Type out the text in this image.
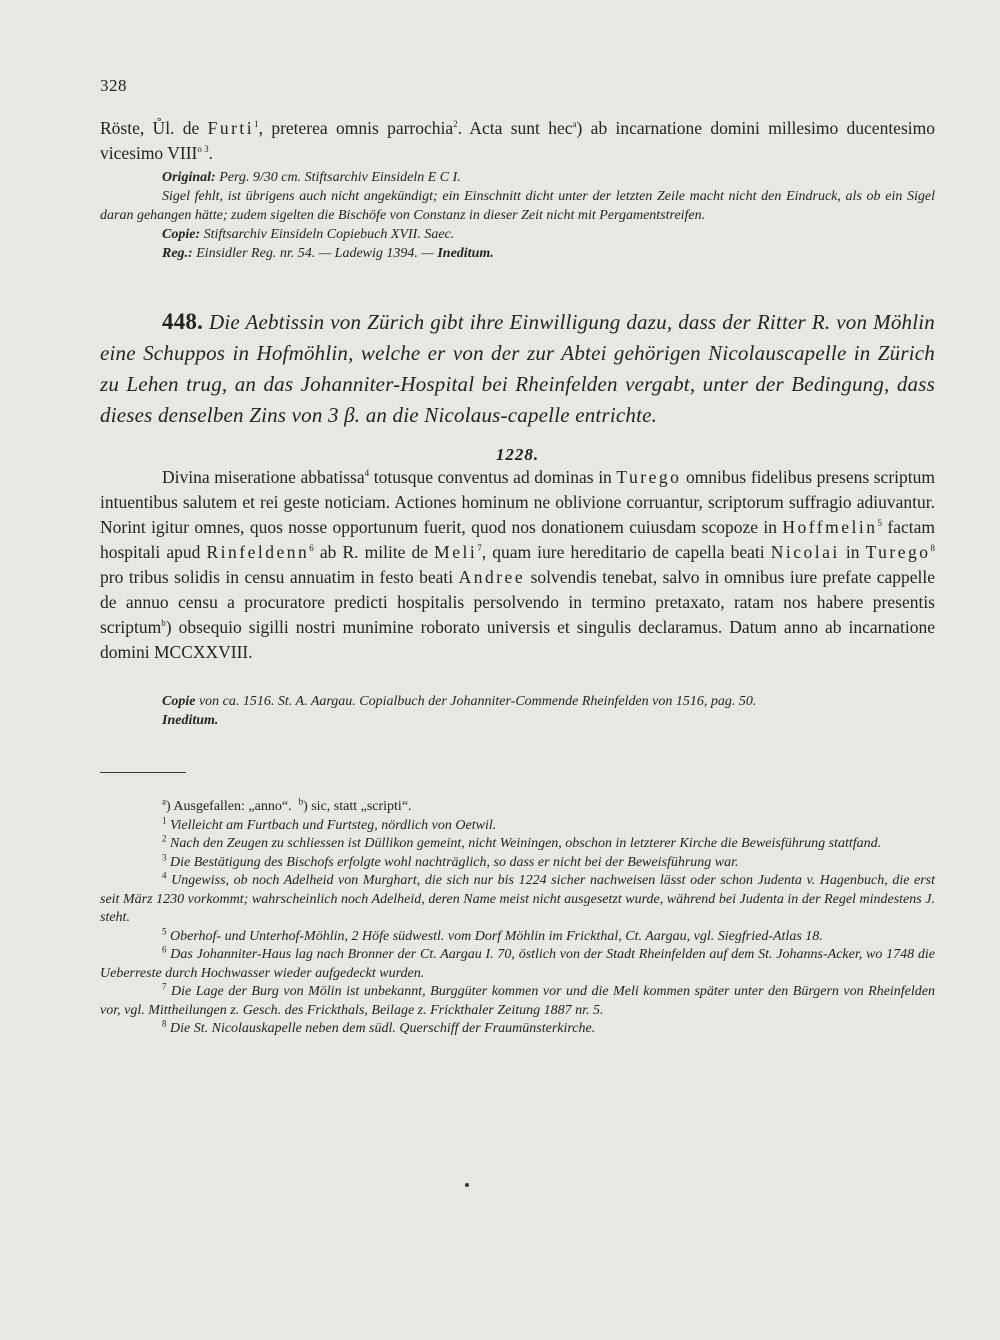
328

Röste, Ůl. de Furti$^1$, preterea omnis parrochia$^2$. Acta sunt hec$^a$) ab incarnatione domini millesimo ducentesimo vicesimo $VIII^{o 3}$.

Original: Perg. 9/30 cm. Stiftsarchiv Einsideln E C I.

Sigel fehlt, ist übrigens auch nicht angekündigt; ein Einschnitt dicht unter der letzten Zeile macht nicht den Eindruck, als ob ein Sigel daran gehangen hätte; zudem sigelten die Bischöfe von Constanz in dieser Zeit nicht mit Pergamentstreifen.

Copie: Stiftsarchiv Einsideln Copiebuch XVII. Saec.

Reg.: Einsidler Reg. nr. 54. — Ladewig 1394. — Ineditum.

448. Die Aebtissin von Zürich gibt ihre Einwilligung dazu, dass der Ritter R. von Möhlin eine Schuppos in Hofmöhlin, welche er von der zur Abtei gehörigen Nicolauscapelle in Zürich zu Lehen trug, an das Johanniter-Hospital bei Rheinfelden vergabt, unter der Bedingung, dass dieses denselben Zins von 3 β. an die Nicolaus-capelle entrichte.

1228.

Divina miseratione abbatissa$^4$ totusque conventus ad dominas in Turego omnibus fidelibus presens scriptum intuentibus salutem et rei geste noticiam. Actiones hominum ne oblivione corruantur, scriptorum suffragio adiuvantur. Norint igitur omnes, quos nosse opportunum fuerit, quod nos donationem cuiusdam scopoze in Hoffmelin$^5$ factam hospitali apud Rinfeldenn$^6$ ab R. milite de Meli$^7$, quam iure hereditario de capella beati Nicolai in Turego$^8$ pro tribus solidis in censu annuatim in festo beati Andree solvendis tenebat, salvo in omnibus iure prefate cappelle de annuo censu a procuratore predicti hospitalis persolvendo in termino pretaxato, ratam nos habere presentis scriptum$^b$) obsequio sigilli nostri munimine roborato universis et singulis declaramus. Datum anno ab incarnatione domini MCCXXVIII.

Copie von ca. 1516. St. A. Aargau. Copialbuch der Johanniter-Commende Rheinfelden von 1516, pag. 50.

Ineditum.

$^a$) Ausgefallen: „anno“. $^b$) sic, statt „scripti“.

$^1$ Vielleicht am Furtbach und Furtsteg, nördlich von Oetwil.

$^2$ Nach den Zeugen zu schliessen ist Düllikon gemeint, nicht Weiningen, obschon in letzterer Kirche die Beweisführung stattfand.

$^3$ Die Bestätigung des Bischofs erfolgte wohl nachträglich, so dass er nicht bei der Beweisführung war.

$^4$ Ungewiss, ob noch Adelheid von Murghart, die sich nur bis 1224 sicher nachweisen lässt oder schon Judenta v. Hagenbuch, die erst seit März 1230 vorkommt; wahrscheinlich noch Adelheid, deren Name meist nicht ausgesetzt wurde, während bei Judenta in der Regel mindestens J. steht.

$^5$ Oberhof- und Unterhof-Möhlin, 2 Höfe südwestl. vom Dorf Möhlin im Frickthal, Ct. Aargau, vgl. Siegfried-Atlas 18.

$^6$ Das Johanniter-Haus lag nach Bronner der Ct. Aargau I. 70, östlich von der Stadt Rheinfelden auf dem St. Johanns-Acker, wo 1748 die Ueberreste durch Hochwasser wieder aufgedeckt wurden.

$^7$ Die Lage der Burg von Mölin ist unbekannt, Burggüter kommen vor und die Meli kommen später unter den Bürgern von Rheinfelden vor, vgl. Mittheilungen z. Gesch. des Frickthals, Beilage z. Frickthaler Zeitung 1887 nr. 5.

$^8$ Die St. Nicolauskapelle neben dem südl. Querschiff der Fraumünsterkirche.
